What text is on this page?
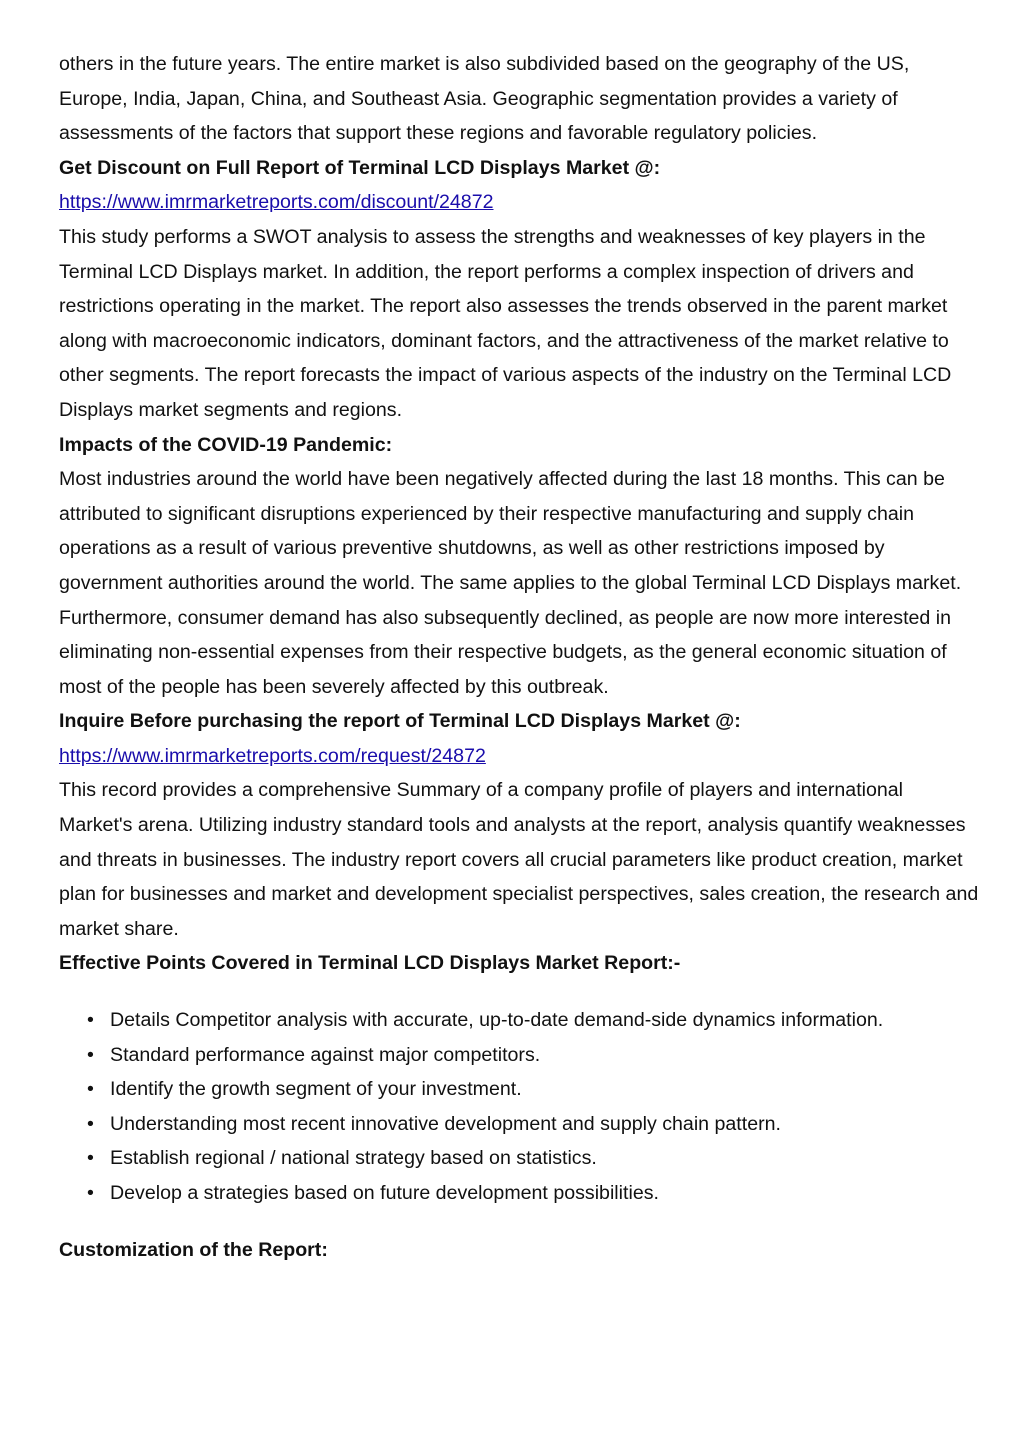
others in the future years. The entire market is also subdivided based on the geography of the US, Europe, India, Japan, China, and Southeast Asia. Geographic segmentation provides a variety of assessments of the factors that support these regions and favorable regulatory policies.

Get Discount on Full Report of Terminal LCD Displays Market @:

https://www.imrmarketreports.com/discount/24872

This study performs a SWOT analysis to assess the strengths and weaknesses of key players in the Terminal LCD Displays market. In addition, the report performs a complex inspection of drivers and restrictions operating in the market. The report also assesses the trends observed in the parent market along with macroeconomic indicators, dominant factors, and the attractiveness of the market relative to other segments. The report forecasts the impact of various aspects of the industry on the Terminal LCD Displays market segments and regions.

Impacts of the COVID-19 Pandemic:

Most industries around the world have been negatively affected during the last 18 months. This can be attributed to significant disruptions experienced by their respective manufacturing and supply chain operations as a result of various preventive shutdowns, as well as other restrictions imposed by government authorities around the world. The same applies to the global Terminal LCD Displays market. Furthermore, consumer demand has also subsequently declined, as people are now more interested in eliminating non-essential expenses from their respective budgets, as the general economic situation of most of the people has been severely affected by this outbreak.

Inquire Before purchasing the report of Terminal LCD Displays Market @:

https://www.imrmarketreports.com/request/24872

This record provides a comprehensive Summary of a company profile of players and international Market's arena. Utilizing industry standard tools and analysts at the report, analysis quantify weaknesses and threats in businesses. The industry report covers all crucial parameters like product creation, market plan for businesses and market and development specialist perspectives, sales creation, the research and market share.

Effective Points Covered in Terminal LCD Displays Market Report:-

• Details Competitor analysis with accurate, up-to-date demand-side dynamics information.
• Standard performance against major competitors.
• Identify the growth segment of your investment.
• Understanding most recent innovative development and supply chain pattern.
• Establish regional / national strategy based on statistics.
• Develop a strategies based on future development possibilities.

Customization of the Report:
